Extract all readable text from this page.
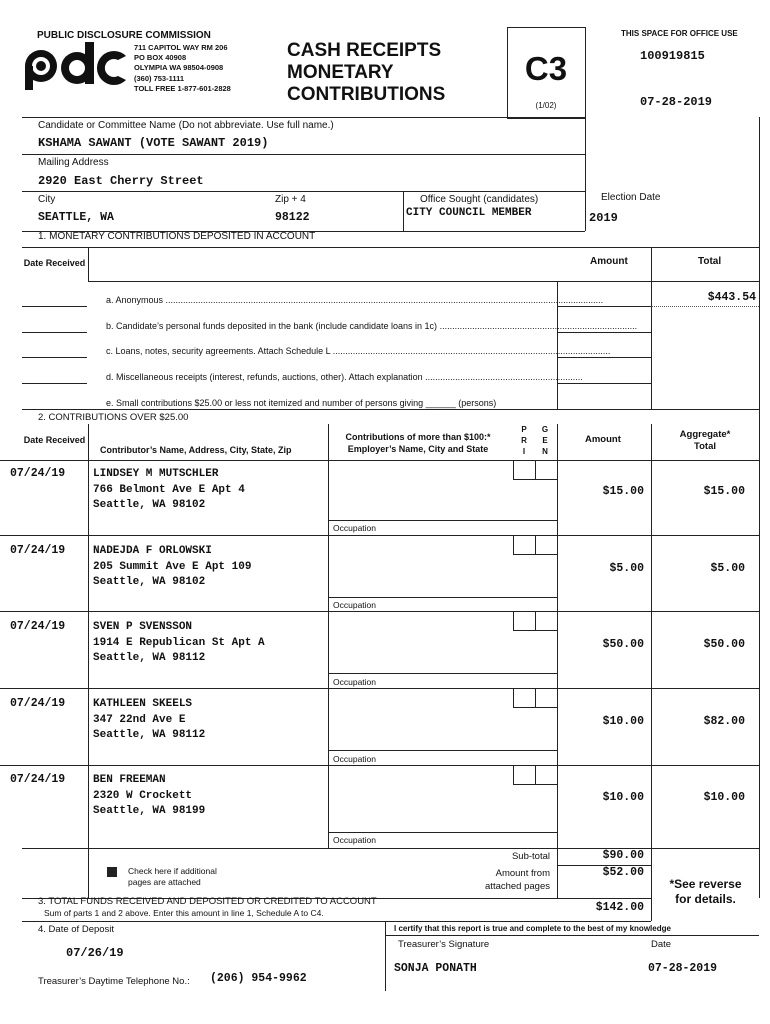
PUBLIC DISCLOSURE COMMISSION
711 CAPITOL WAY RM 206
PO BOX 40908
OLYMPIA WA 98504-0908
(360) 753-1111
TOLL FREE 1-877-601-2828
CASH RECEIPTS
MONETARY
CONTRIBUTIONS
C3
(1/02)
THIS SPACE FOR OFFICE USE
100919815
07-28-2019
Candidate or Committee Name (Do not abbreviate. Use full name.)
KSHAMA SAWANT (VOTE SAWANT 2019)
Mailing Address
2920 East Cherry Street
City
SEATTLE, WA
Zip + 4
98122
Office Sought (candidates)
CITY COUNCIL MEMBER
Election Date
2019
1. MONETARY CONTRIBUTIONS DEPOSITED IN ACCOUNT
Date Received	Amount	Total
a. Anonymous ...............................................................................................................................................................................	$443.54
b. Candidate’s personal funds deposited in the bank (include candidate loans in 1c) ...............................................................................
c. Loans, notes, security agreements. Attach Schedule L ...............................................................................................................
d. Miscellaneous receipts (interest, refunds, auctions, other). Attach explanation ...............................................................
e. Small contributions $25.00 or less not itemized and number of persons giving ______ (persons)
2. CONTRIBUTIONS OVER $25.00
Date Received
Contributor’s Name, Address, City, State, Zip
Contributions of more than $100:*
Employer’s Name, City and State
P R I
G E N
Amount	Aggregate*
Total
07/24/19	LINDSEY M MUTSCHLER
766 Belmont Ave E Apt 4
Seattle, WA 98102
Occupation
$15.00	$15.00
07/24/19	NADEJDA F ORLOWSKI
205 Summit Ave E Apt 109
Seattle, WA 98102
Occupation
$5.00	$5.00
07/24/19	SVEN P SVENSSON
1914 E Republican St Apt A
Seattle, WA 98112
Occupation
$50.00	$50.00
07/24/19	KATHLEEN SKEELS
347 22nd Ave E
Seattle, WA 98112
Occupation
$10.00	$82.00
07/24/19	BEN FREEMAN
2320 W Crockett
Seattle, WA 98199
Occupation
$10.00	$10.00
Check here if additional
pages are attached
Sub-total	$90.00
Amount from
attached pages
$52.00
*See reverse
for details.
3. TOTAL FUNDS RECEIVED AND DEPOSITED OR CREDITED TO ACCOUNT
Sum of parts 1 and 2 above. Enter this amount in line 1, Schedule A to C4.	$142.00
4. Date of Deposit
07/26/19
Treasurer’s Daytime Telephone No.: (206) 954-9962
I certify that this report is true and complete to the best of my knowledge
Treasurer’s Signature	Date
SONJA PONATH	07-28-2019
